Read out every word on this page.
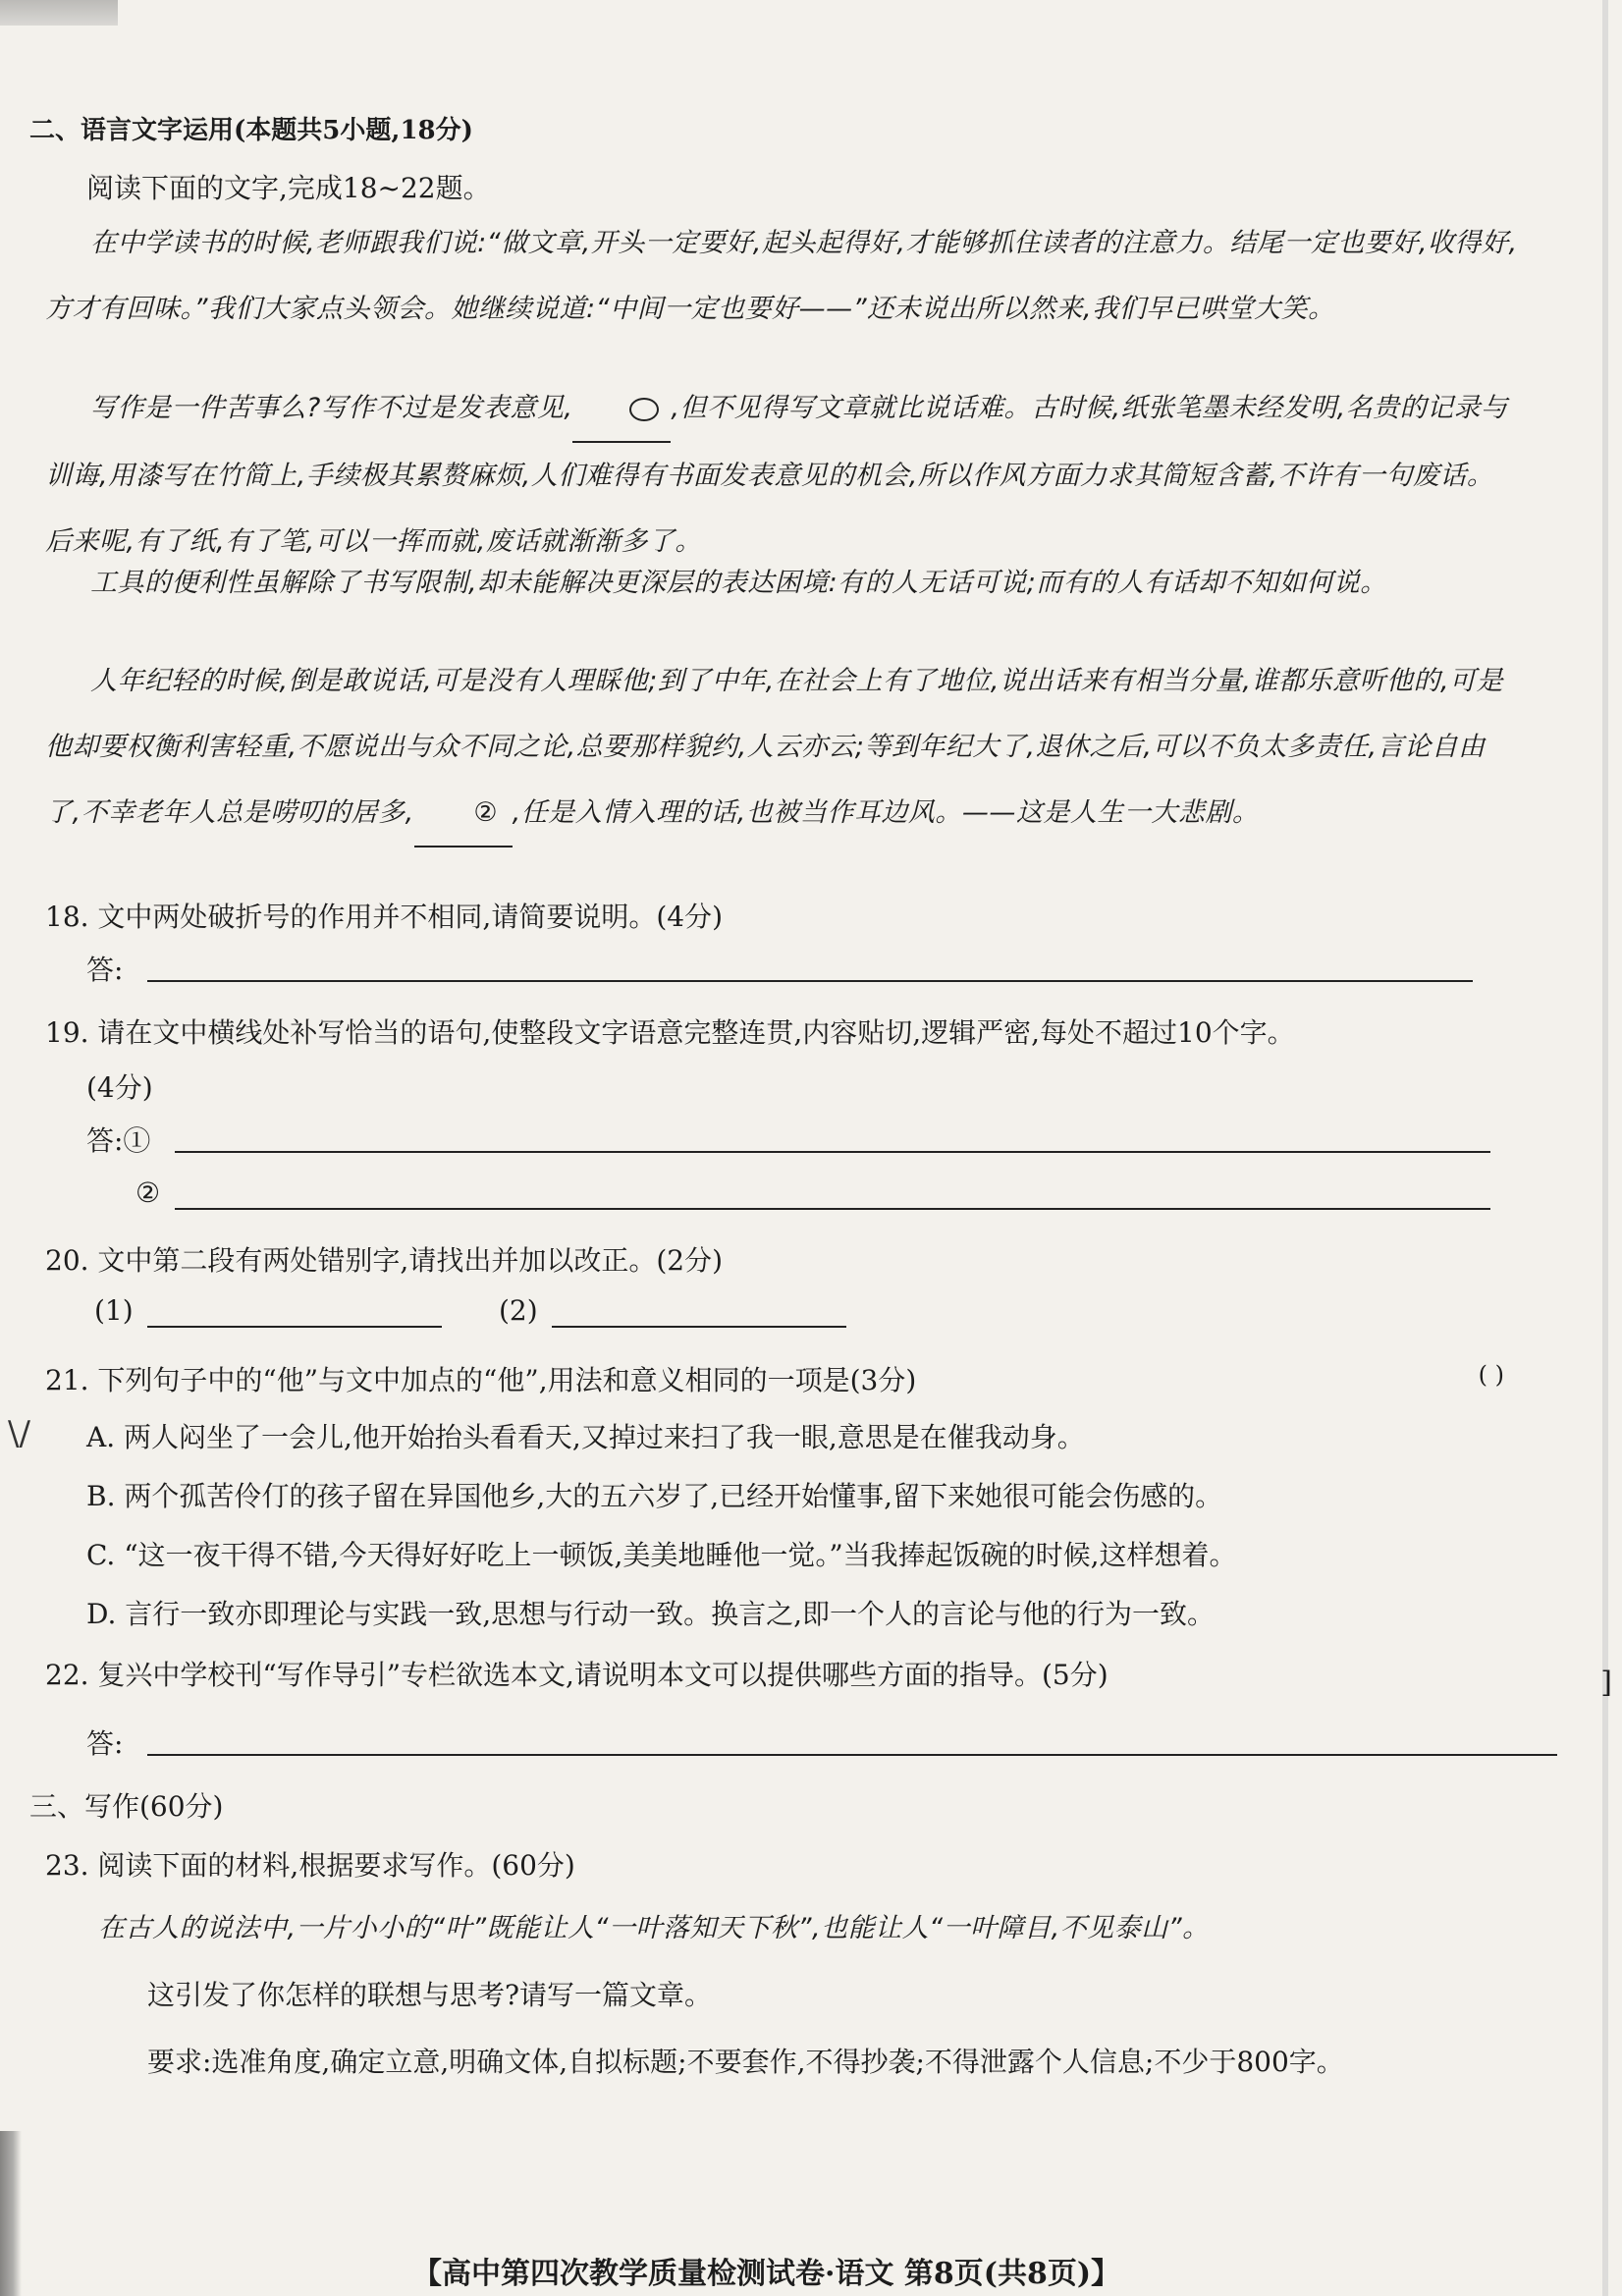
二、语言文字运用(本题共5小题,18分)
阅读下面的文字,完成18~22题。
在中学读书的时候,老师跟我们说:“做文章,开头一定要好,起头起得好,才能够抓住读者的注意力。结尾一定也要好,收得好,方才有回味。”我们大家点头领会。她继续说道:“中间一定也要好——”还未说出所以然来,我们早已哄堂大笑。
写作是一件苦事么?写作不过是发表意见,	,但不见得写文章就比说话难。古时候,纸张笔墨未经发明,名贵的记录与训诲,用漆写在竹简上,手续极其累赘麻烦,人们难得有书面发表意见的机会,所以作风方面力求其简短含蓄,不许有一句废话。后来呢,有了纸,有了笔,可以一挥而就,废话就渐渐多了。
工具的便利性虽解除了书写限制,却未能解决更深层的表达困境:有的人无话可说;而有的人有话却不知如何说。
人年纪轻的时候,倒是敢说话,可是没有人理睬他;到了中年,在社会上有了地位,说出话来有相当分量,谁都乐意听他的,可是他却要权衡利害轻重,不愿说出与众不同之论,总要那样貌约,人云亦云;等到年纪大了,退休之后,可以不负太多责任,言论自由了,不幸老年人总是唠叨的居多, ② ,任是入情入理的话,也被当作耳边风。——这是人生一大悲剧。
18. 文中两处破折号的作用并不相同,请简要说明。(4分)
答:
19. 请在文中横线处补写恰当的语句,使整段文字语意完整连贯,内容贴切,逻辑严密,每处不超过10个字。
(4分)
答:①
②
20. 文中第二段有两处错别字,请找出并加以改正。(2分)
(1)	(2)
21. 下列句子中的“他”与文中加点的“他”,用法和意义相同的一项是(3分)	( )
\/ A. 两人闷坐了一会儿,他开始抬头看看天,又掉过来扫了我一眼,意思是在催我动身。
B. 两个孤苦伶仃的孩子留在异国他乡,大的五六岁了,已经开始懂事,留下来她很可能会伤感的。
C. “这一夜干得不错,今天得好好吃上一顿饭,美美地睡他一觉。”当我捧起饭碗的时候,这样想着。
D. 言行一致亦即理论与实践一致,思想与行动一致。换言之,即一个人的言论与他的行为一致。
22. 复兴中学校刊“写作导引”专栏欲选本文,请说明本文可以提供哪些方面的指导。(5分)	]
答:
三、写作(60分)
23. 阅读下面的材料,根据要求写作。(60分)
在古人的说法中,一片小小的“叶”既能让人“一叶落知天下秋”,也能让人“一叶障目,不见泰山”。
这引发了你怎样的联想与思考?请写一篇文章。
要求:选准角度,确定立意,明确文体,自拟标题;不要套作,不得抄袭;不得泄露个人信息;不少于800字。
【高中第四次教学质量检测试卷·语文 第8页(共8页)】
